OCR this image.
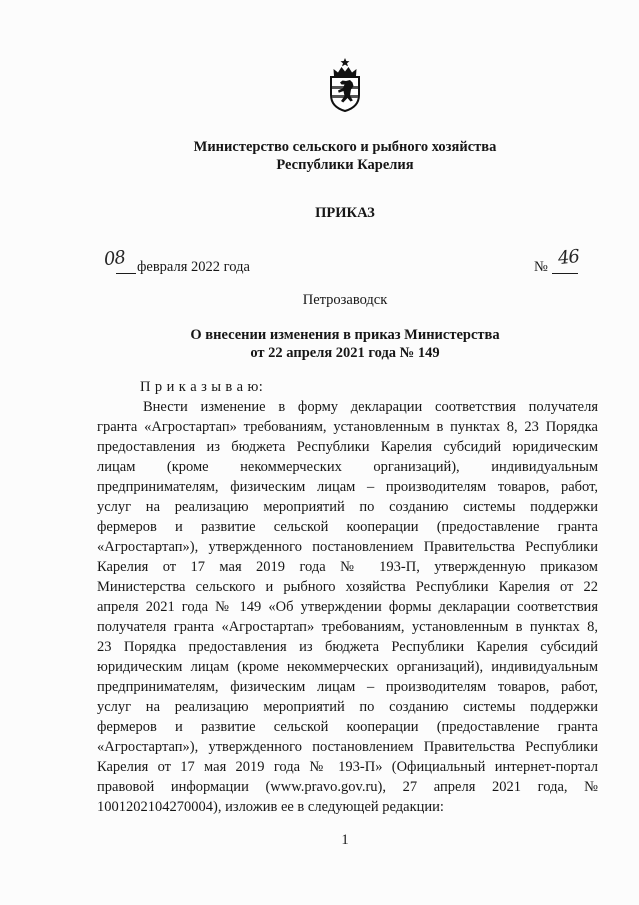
Министерство сельского и рыбного хозяйства
Республики Карелия
ПРИКАЗ
08 февраля 2022 года	№ 46
Петрозаводск
О внесении изменения в приказ Министерства
от 22 апреля 2021 года № 149
П р и к а з ы в а ю:
Внести изменение в форму декларации соответствия получателя
гранта «Агростартап» требованиям, установленным в пунктах 8, 23 Порядка
предоставления из бюджета Республики Карелия субсидий юридическим
лицам (кроме некоммерческих организаций), индивидуальным
предпринимателям, физическим лицам – производителям товаров, работ,
услуг на реализацию мероприятий по созданию системы поддержки
фермеров и развитие сельской кооперации (предоставление гранта
«Агростартап»), утвержденного постановлением Правительства Республики
Карелия от 17 мая 2019 года № 193-П, утвержденную приказом
Министерства сельского и рыбного хозяйства Республики Карелия от 22
апреля 2021 года № 149 «Об утверждении формы декларации соответствия
получателя гранта «Агростартап» требованиям, установленным в пунктах 8,
23 Порядка предоставления из бюджета Республики Карелия субсидий
юридическим лицам (кроме некоммерческих организаций), индивидуальным
предпринимателям, физическим лицам – производителям товаров, работ,
услуг на реализацию мероприятий по созданию системы поддержки
фермеров и развитие сельской кооперации (предоставление гранта
«Агростартап»), утвержденного постановлением Правительства Республики
Карелия от 17 мая 2019 года № 193-П» (Официальный интернет-портал
правовой информации (www.pravo.gov.ru), 27 апреля 2021 года, №
1001202104270004), изложив ее в следующей редакции:
1
